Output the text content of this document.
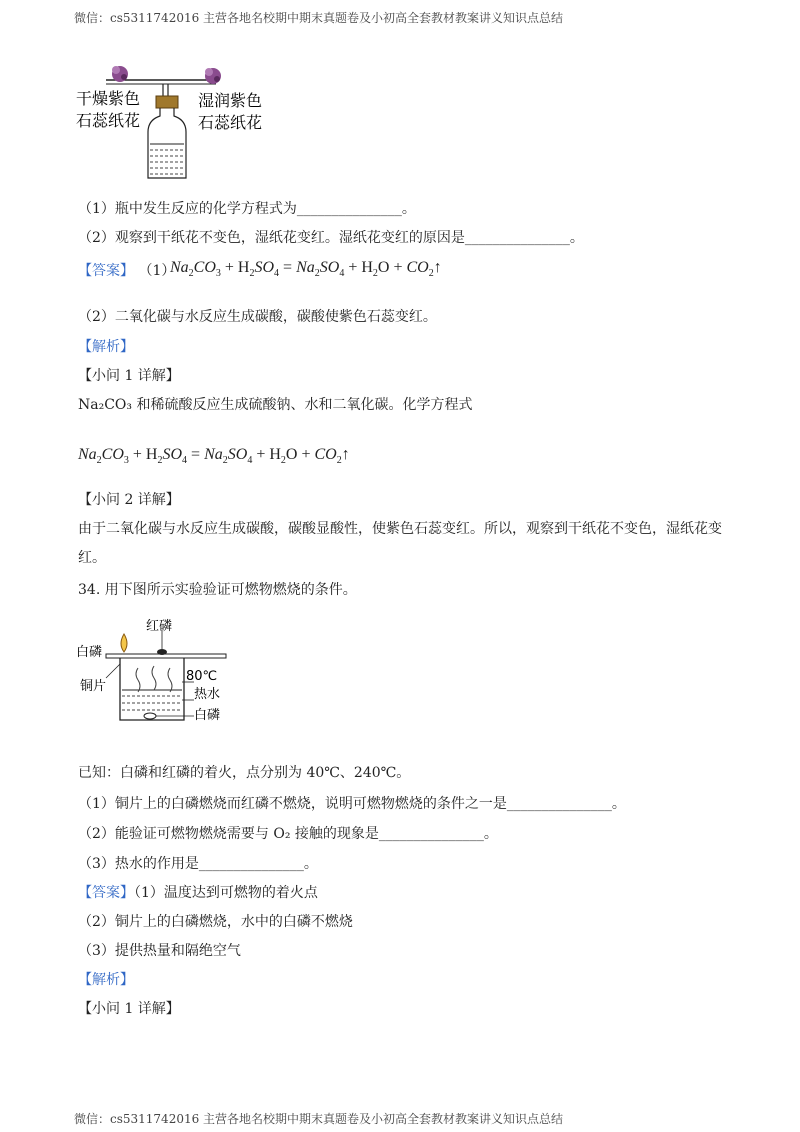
微信：cs5311742016 主营各地名校期中期末真题卷及小初高全套教材教案讲义知识点总结
干燥紫色
石蕊纸花
湿润紫色
石蕊纸花
（1）瓶中发生反应的化学方程式为_______________。
（2）观察到干纸花不变色，湿纸花变红。湿纸花变红的原因是_______________。
【答案】 （1）
$Na_2CO_3 + H_2SO_4 = Na_2SO_4 + H_2O$ + $CO_2↑$
（2）二氧化碳与水反应生成碳酸，碳酸使紫色石蕊变红。
【解析】
【小问 1 详解】
Na₂CO₃ 和稀硫酸反应生成硫酸钠、水和二氧化碳。化学方程式
$Na_2CO_3 + H_2SO_4 = Na_2SO_4 + H_2O$ + $CO_2↑$
【小问 2 详解】
由于二氧化碳与水反应生成碳酸，碳酸显酸性，使紫色石蕊变红。所以，观察到干纸花不变色，湿纸花变
红。
34. 用下图所示实验验证可燃物燃烧的条件。
红磷
白磷
铜片
80℃
热水
白磷
已知：白磷和红磷的着火，点分别为 40℃、240℃。
（1）铜片上的白磷燃烧而红磷不燃烧，说明可燃物燃烧的条件之一是_______________。
（2）能验证可燃物燃烧需要与 O₂ 接触的现象是_______________。
（3）热水的作用是_______________。
【答案】（1）温度达到可燃物的着火点
（2）铜片上的白磷燃烧，水中的白磷不燃烧
（3）提供热量和隔绝空气
【解析】
【小问 1 详解】
微信：cs5311742016 主营各地名校期中期末真题卷及小初高全套教材教案讲义知识点总结
